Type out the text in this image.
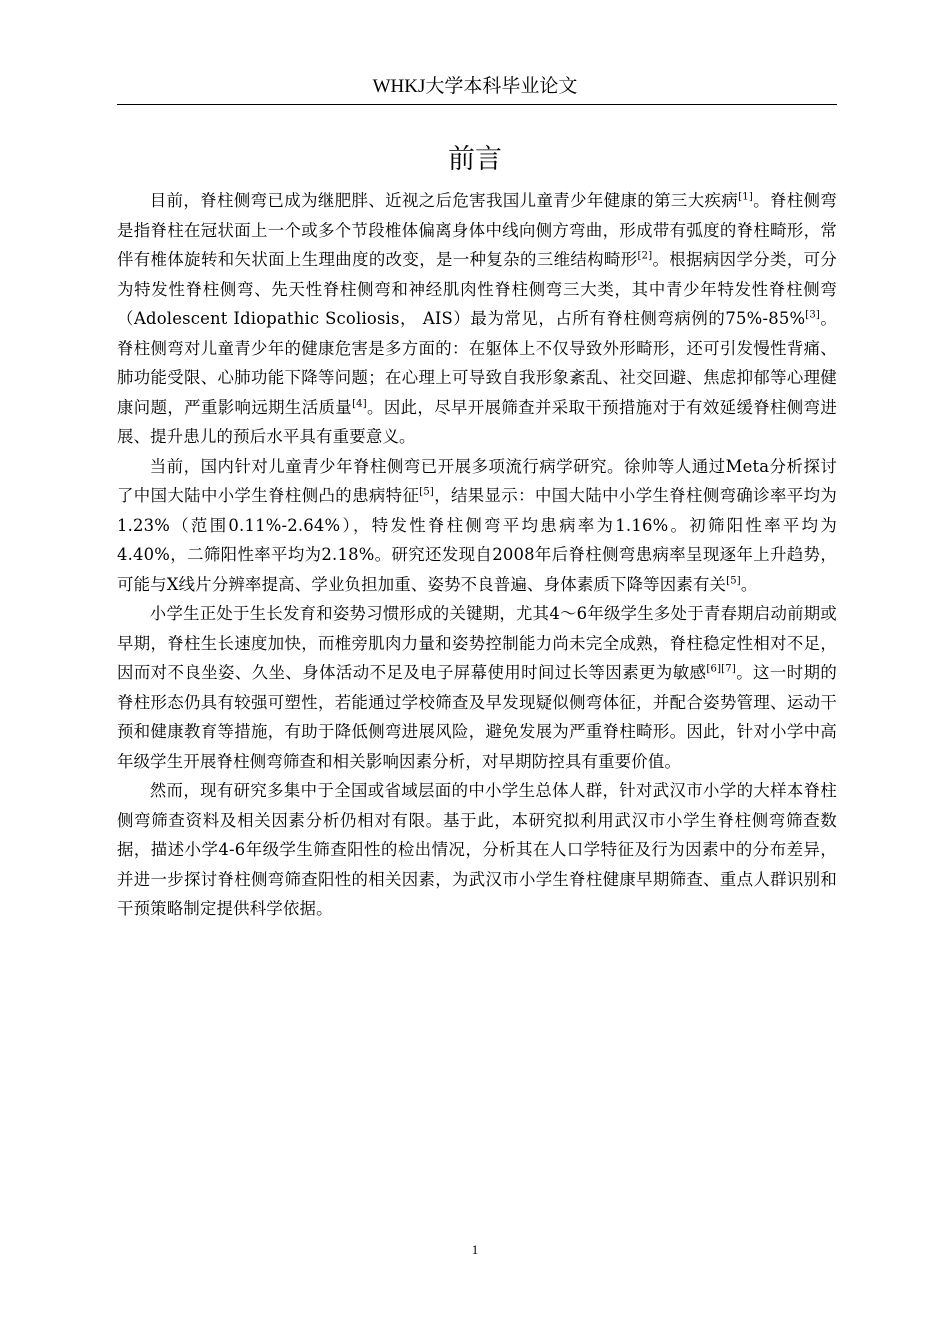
WHKJ大学本科毕业论文
前言

目前，脊柱侧弯已成为继肥胖、近视之后危害我国儿童青少年健康的第三大疾病[1]。脊柱侧弯是指脊柱在冠状面上一个或多个节段椎体偏离身体中线向侧方弯曲，形成带有弧度的脊柱畸形，常伴有椎体旋转和矢状面上生理曲度的改变，是一种复杂的三维结构畸形[2]。根据病因学分类，可分为特发性脊柱侧弯、先天性脊柱侧弯和神经肌肉性脊柱侧弯三大类，其中青少年特发性脊柱侧弯（Adolescent Idiopathic Scoliosis， AIS）最为常见，占所有脊柱侧弯病例的75%-85%[3]。脊柱侧弯对儿童青少年的健康危害是多方面的：在躯体上不仅导致外形畸形，还可引发慢性背痛、肺功能受限、心肺功能下降等问题；在心理上可导致自我形象紊乱、社交回避、焦虑抑郁等心理健康问题，严重影响远期生活质量[4]。因此，尽早开展筛查并采取干预措施对于有效延缓脊柱侧弯进展、提升患儿的预后水平具有重要意义。

当前，国内针对儿童青少年脊柱侧弯已开展多项流行病学研究。徐帅等人通过Meta分析探讨了中国大陆中小学生脊柱侧凸的患病特征[5]，结果显示：中国大陆中小学生脊柱侧弯确诊率平均为1.23%（范围0.11%-2.64%），特发性脊柱侧弯平均患病率为1.16%。初筛阳性率平均为4.40%，二筛阳性率平均为2.18%。研究还发现自2008年后脊柱侧弯患病率呈现逐年上升趋势，可能与X线片分辨率提高、学业负担加重、姿势不良普遍、身体素质下降等因素有关[5]。

小学生正处于生长发育和姿势习惯形成的关键期，尤其4～6年级学生多处于青春期启动前期或早期，脊柱生长速度加快，而椎旁肌肉力量和姿势控制能力尚未完全成熟，脊柱稳定性相对不足，因而对不良坐姿、久坐、身体活动不足及电子屏幕使用时间过长等因素更为敏感[6][7]。这一时期的脊柱形态仍具有较强可塑性，若能通过学校筛查及早发现疑似侧弯体征，并配合姿势管理、运动干预和健康教育等措施，有助于降低侧弯进展风险，避免发展为严重脊柱畸形。因此，针对小学中高年级学生开展脊柱侧弯筛查和相关影响因素分析，对早期防控具有重要价值。

然而，现有研究多集中于全国或省域层面的中小学生总体人群，针对武汉市小学的大样本脊柱侧弯筛查资料及相关因素分析仍相对有限。基于此，本研究拟利用武汉市小学生脊柱侧弯筛查数据，描述小学4-6年级学生筛查阳性的检出情况，分析其在人口学特征及行为因素中的分布差异，并进一步探讨脊柱侧弯筛查阳性的相关因素，为武汉市小学生脊柱健康早期筛查、重点人群识别和干预策略制定提供科学依据。

1
